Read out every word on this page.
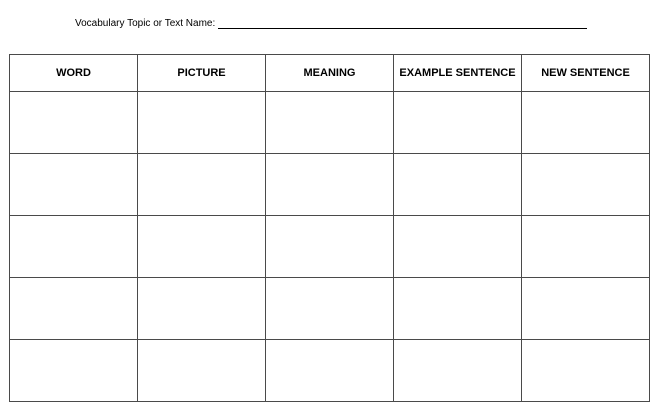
Vocabulary Topic or Text Name:
WORD	PICTURE	MEANING	EXAMPLE SENTENCE	NEW SENTENCE
